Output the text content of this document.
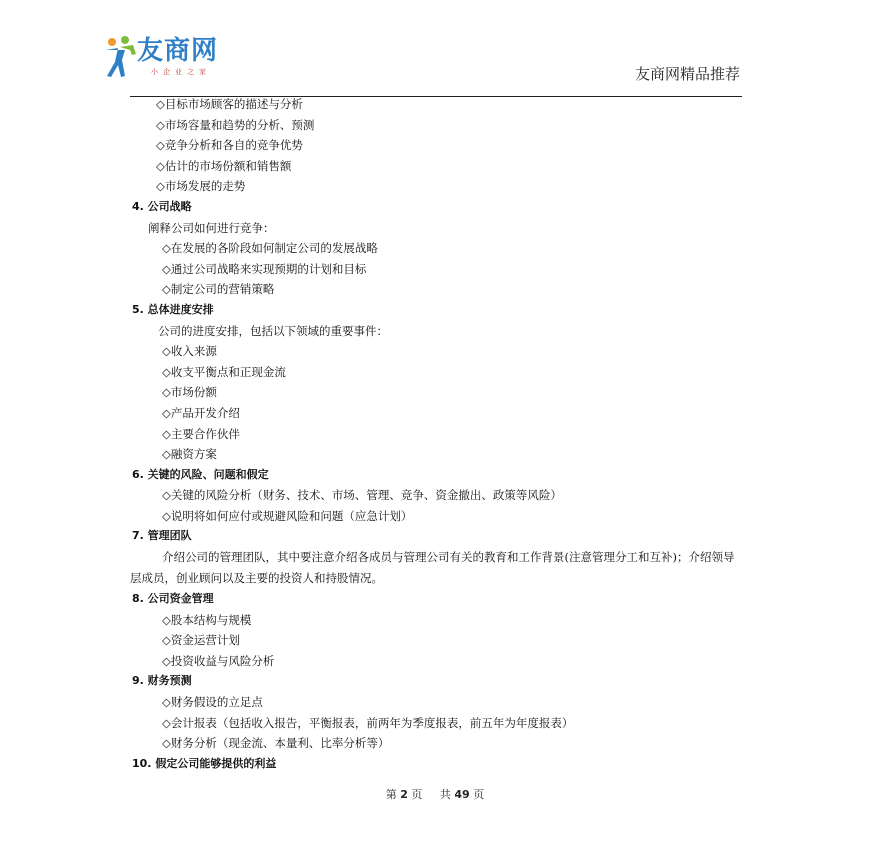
友商网
小企业之家	友商网精品推荐
◇目标市场顾客的描述与分析
◇市场容量和趋势的分析、预测
◇竞争分析和各自的竞争优势
◇估计的市场份额和销售额
◇市场发展的走势
4. 公司战略
阐释公司如何进行竞争：
◇在发展的各阶段如何制定公司的发展战略
◇通过公司战略来实现预期的计划和目标
◇制定公司的营销策略
5. 总体进度安排
公司的进度安排，包括以下领域的重要事件：
◇收入来源
◇收支平衡点和正现金流
◇市场份额
◇产品开发介绍
◇主要合作伙伴
◇融资方案
6. 关键的风险、问题和假定
◇关键的风险分析（财务、技术、市场、管理、竞争、资金撤出、政策等风险）
◇说明将如何应付或规避风险和问题（应急计划）
7. 管理团队
介绍公司的管理团队，其中要注意介绍各成员与管理公司有关的教育和工作背景(注意管理分工和互补)；介绍领导层成员，创业顾问以及主要的投资人和持股情况。
8. 公司资金管理
◇股本结构与规模
◇资金运营计划
◇投资收益与风险分析
9. 财务预测
◇财务假设的立足点
◇会计报表（包括收入报告，平衡报表，前两年为季度报表，前五年为年度报表）
◇财务分析（现金流、本量利、比率分析等）
10. 假定公司能够提供的利益
第 2 页 共 49 页
